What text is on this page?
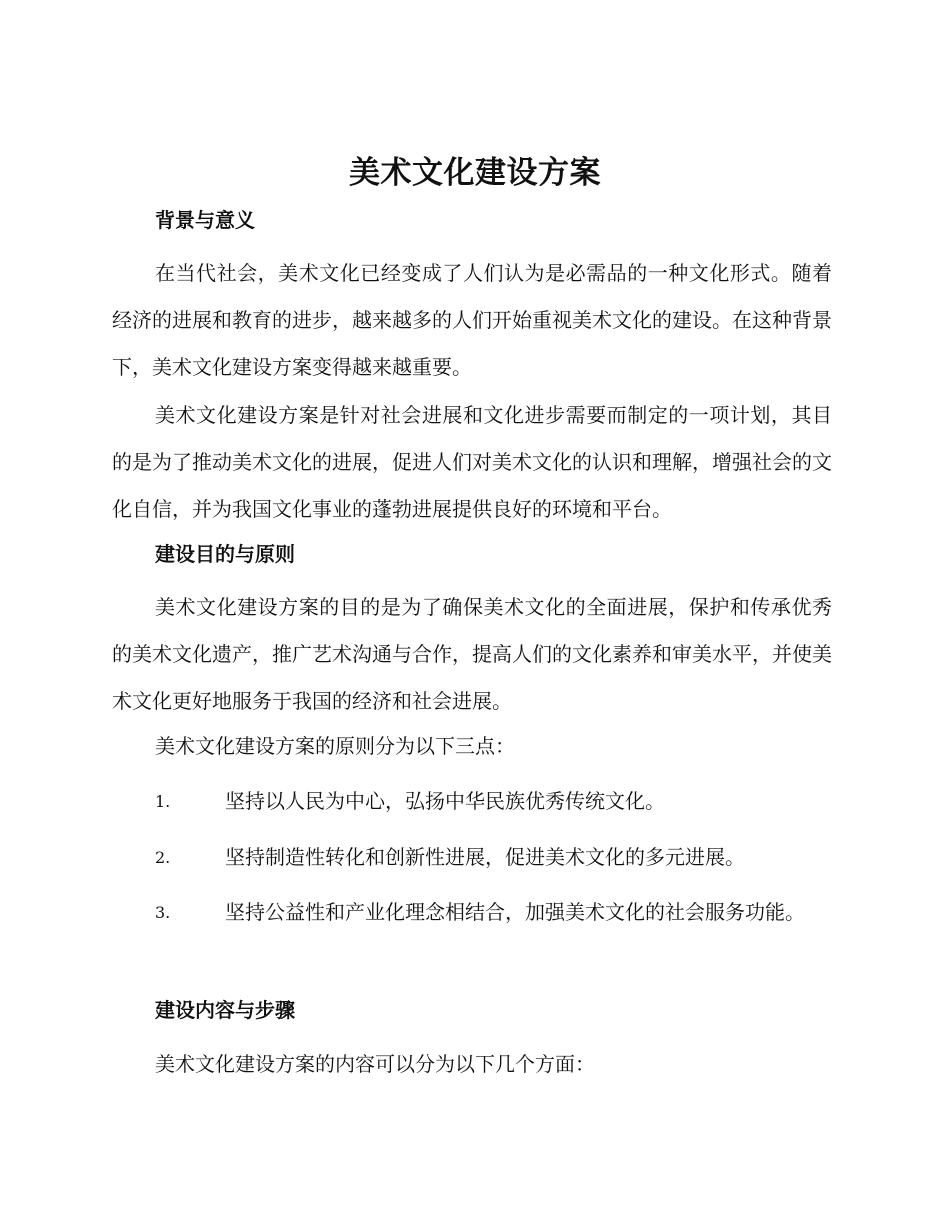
美术文化建设方案
背景与意义

在当代社会，美术文化已经变成了人们认为是必需品的一种文化形式。随着经济的进展和教育的进步，越来越多的人们开始重视美术文化的建设。在这种背景下，美术文化建设方案变得越来越重要。

美术文化建设方案是针对社会进展和文化进步需要而制定的一项计划，其目的是为了推动美术文化的进展，促进人们对美术文化的认识和理解，增强社会的文化自信，并为我国文化事业的蓬勃进展提供良好的环境和平台。

建设目的与原则

美术文化建设方案的目的是为了确保美术文化的全面进展，保护和传承优秀的美术文化遗产，推广艺术沟通与合作，提高人们的文化素养和审美水平，并使美术文化更好地服务于我国的经济和社会进展。

美术文化建设方案的原则分为以下三点：
1.	坚持以人民为中心，弘扬中华民族优秀传统文化。
2.	坚持制造性转化和创新性进展，促进美术文化的多元进展。
3.	坚持公益性和产业化理念相结合，加强美术文化的社会服务功能。
建设内容与步骤
美术文化建设方案的内容可以分为以下几个方面：
